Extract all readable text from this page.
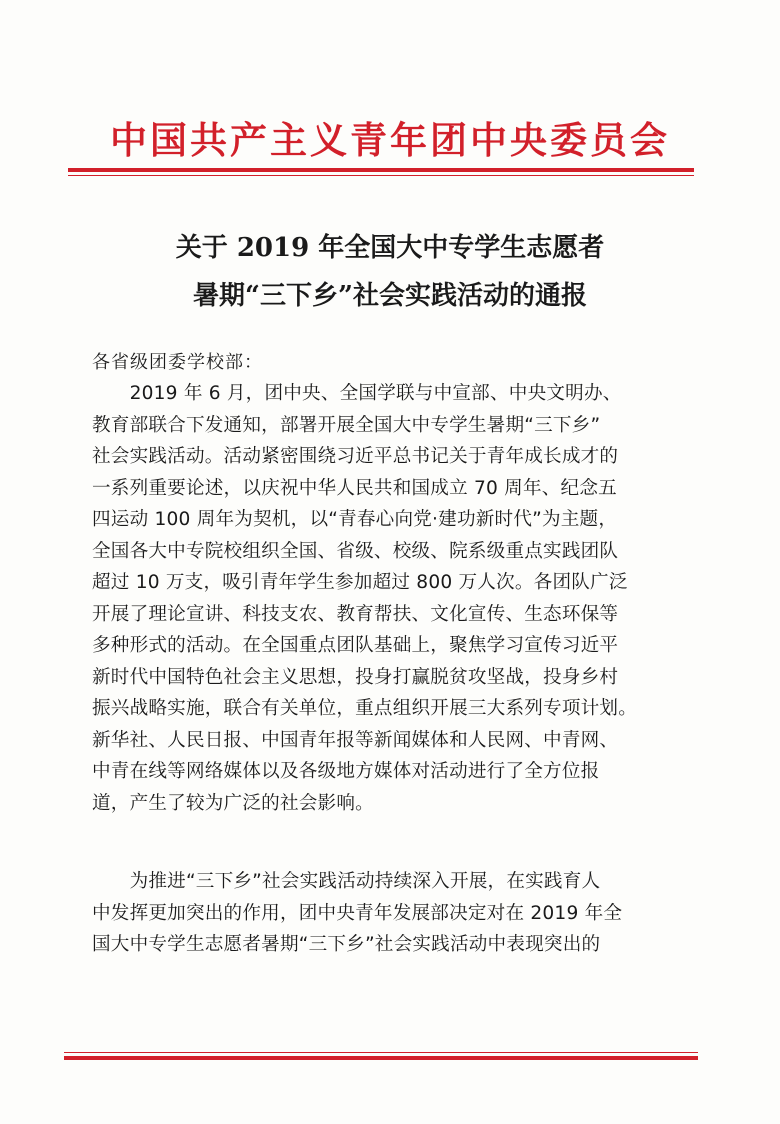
中国共产主义青年团中央委员会
关于 2019 年全国大中专学生志愿者
暑期“三下乡”社会实践活动的通报
各省级团委学校部：
　　2019 年 6 月，团中央、全国学联与中宣部、中央文明办、
教育部联合下发通知，部署开展全国大中专学生暑期“三下乡”
社会实践活动。活动紧密围绕习近平总书记关于青年成长成才的
一系列重要论述，以庆祝中华人民共和国成立 70 周年、纪念五
四运动 100 周年为契机，以“青春心向党·建功新时代”为主题，
全国各大中专院校组织全国、省级、校级、院系级重点实践团队
超过 10 万支，吸引青年学生参加超过 800 万人次。各团队广泛
开展了理论宣讲、科技支农、教育帮扶、文化宣传、生态环保等
多种形式的活动。在全国重点团队基础上，聚焦学习宣传习近平
新时代中国特色社会主义思想，投身打赢脱贫攻坚战，投身乡村
振兴战略实施，联合有关单位，重点组织开展三大系列专项计划。
新华社、人民日报、中国青年报等新闻媒体和人民网、中青网、
中青在线等网络媒体以及各级地方媒体对活动进行了全方位报
道，产生了较为广泛的社会影响。
　　为推进“三下乡”社会实践活动持续深入开展，在实践育人
中发挥更加突出的作用，团中央青年发展部决定对在 2019 年全
国大中专学生志愿者暑期“三下乡”社会实践活动中表现突出的
